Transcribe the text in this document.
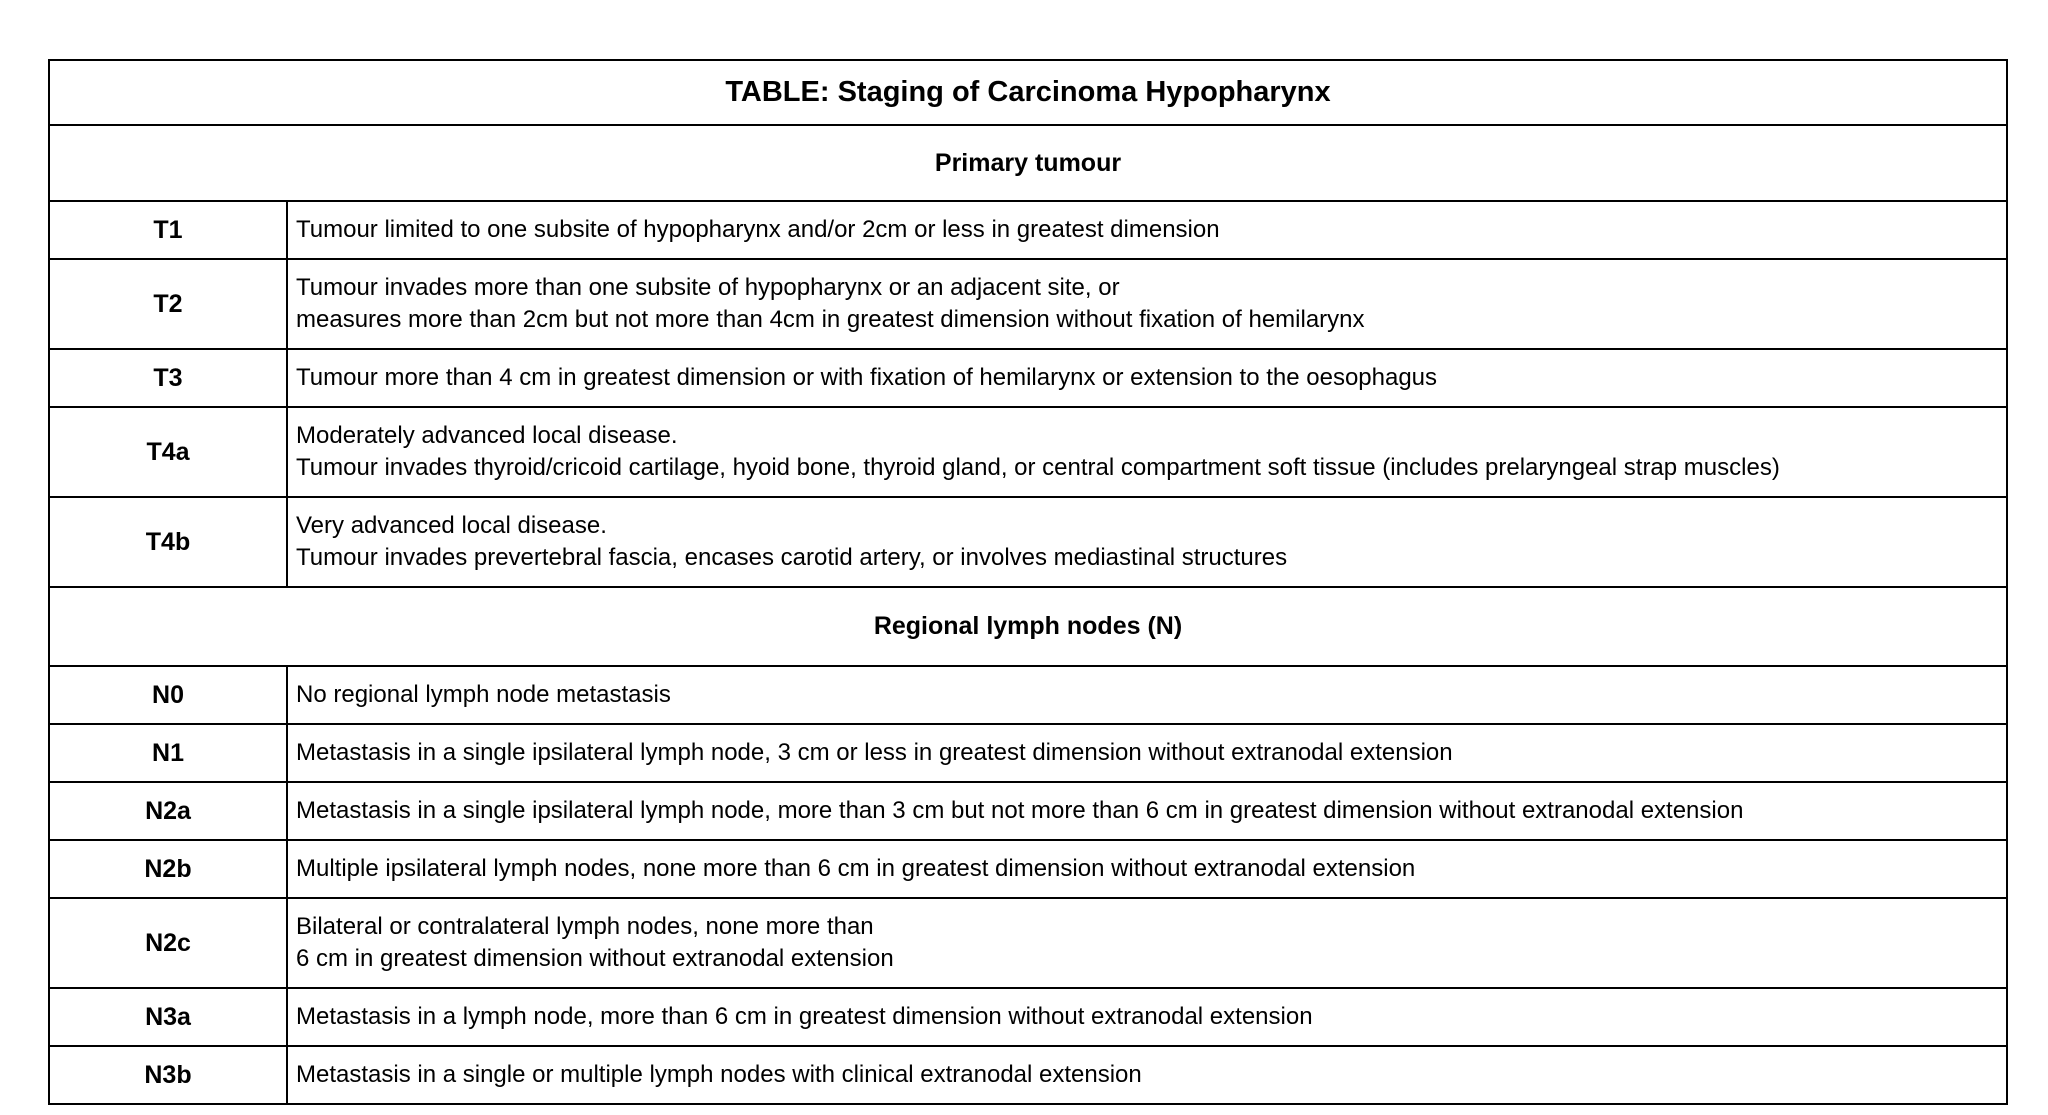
TABLE: Staging of Carcinoma Hypopharynx	
Primary tumour	
T1	Tumour limited to one subsite of hypopharynx and/or 2cm or less in greatest dimension

T2	Tumour invades more than one subsite of hypopharynx or an adjacent site, or
measures more than 2cm but not more than 4cm in greatest dimension without fixation of hemilarynx

T3	Tumour more than 4 cm in greatest dimension or with fixation of hemilarynx or extension to the oesophagus

T4a	Moderately advanced local disease.
Tumour invades thyroid/cricoid cartilage, hyoid bone, thyroid gland, or central compartment soft tissue (includes prelaryngeal strap muscles)

T4b	Very advanced local disease.
Tumour invades prevertebral fascia, encases carotid artery, or involves mediastinal structures

Regional lymph nodes (N)	
N0	No regional lymph node metastasis

N1	Metastasis in a single ipsilateral lymph node, 3 cm or less in greatest dimension without extranodal extension

N2a	Metastasis in a single ipsilateral lymph node, more than 3 cm but not more than 6 cm in greatest dimension without extranodal extension

N2b	Multiple ipsilateral lymph nodes, none more than 6 cm in greatest dimension without extranodal extension

N2c	Bilateral or contralateral lymph nodes, none more than
6 cm in greatest dimension without extranodal extension

N3a	Metastasis in a lymph node, more than 6 cm in greatest dimension without extranodal extension

N3b	Metastasis in a single or multiple lymph nodes with clinical extranodal extension
